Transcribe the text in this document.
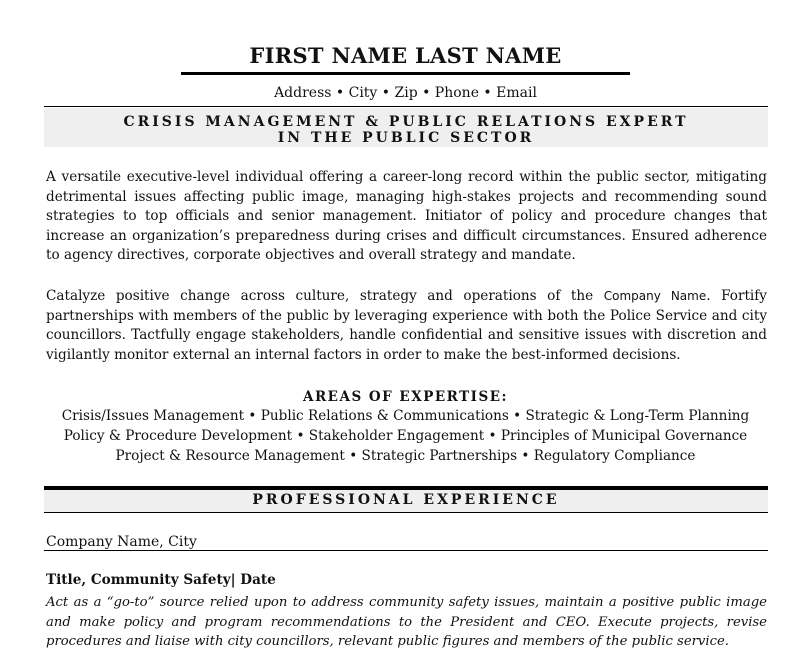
FIRST NAME LAST NAME
Address • City • Zip • Phone • Email
CRISIS MANAGEMENT & PUBLIC RELATIONS EXPERT
IN THE PUBLIC SECTOR

A versatile executive-level individual offering a career-long record within the public sector, mitigating detrimental issues affecting public image, managing high-stakes projects and recommending sound strategies to top officials and senior management. Initiator of policy and procedure changes that increase an organization’s preparedness during crises and difficult circumstances. Ensured adherence to agency directives, corporate objectives and overall strategy and mandate.

Catalyze positive change across culture, strategy and operations of the Company Name. Fortify partnerships with members of the public by leveraging experience with both the Police Service and city councillors. Tactfully engage stakeholders, handle confidential and sensitive issues with discretion and vigilantly monitor external an internal factors in order to make the best-informed decisions.

AREAS OF EXPERTISE:
Crisis/Issues Management • Public Relations & Communications • Strategic & Long-Term Planning
Policy & Procedure Development • Stakeholder Engagement • Principles of Municipal Governance
Project & Resource Management • Strategic Partnerships • Regulatory Compliance
PROFESSIONAL EXPERIENCE
Company Name, City
Title, Community Safety| Date

Act as a “go-to” source relied upon to address community safety issues, maintain a positive public image and make policy and program recommendations to the President and CEO. Execute projects, revise procedures and liaise with city councillors, relevant public figures and members of the public service.
